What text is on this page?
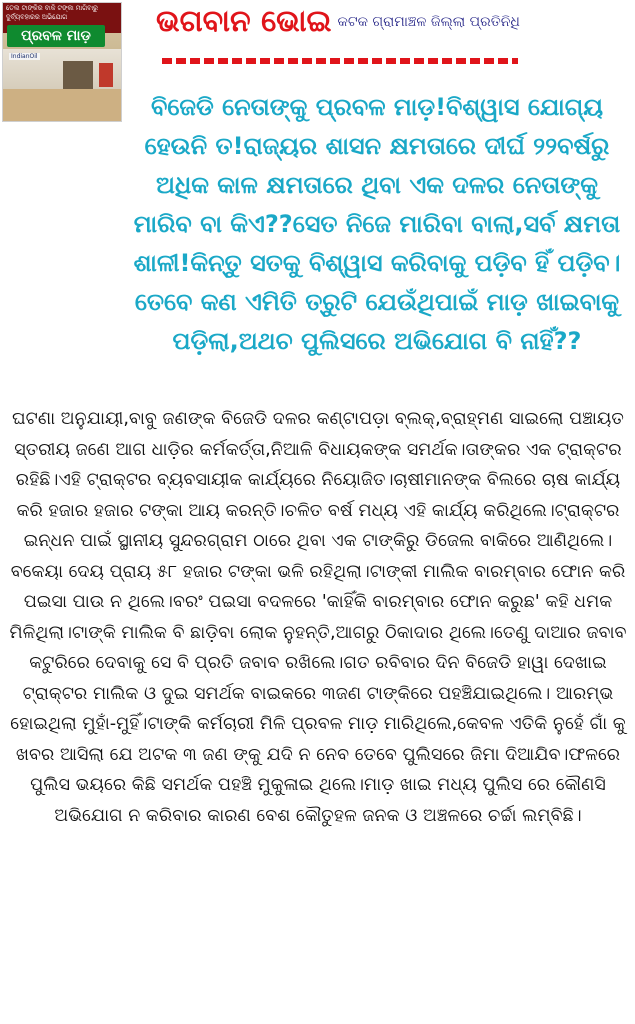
ତେଲ ଟାଙ୍କିର ବାକି ଟଙ୍କା ମାଗିବାରୁ ଦୁର୍ବ୍ୟବହାରର ଅଭିଯୋଗ
ପ୍ରବଳ ମାଡ଼
IndianOil
ଭଗବାନ ଭୋଇ କଟକ ଗ୍ରାମାଞ୍ଚଳ ଜିଲ୍ଲା ପ୍ରତିନିଧି
ବିଜେଡି ନେତାଙ୍କୁ ପ୍ରବଳ ମାଡ଼!ବିଶ୍ୱାସ ଯୋଗ୍ୟ ହେଉନି ତ!ରାଜ୍ୟର ଶାସନ କ୍ଷମତାରେ ଦୀର୍ଘ ୨୨ବର୍ଷରୁ ଅଧିକ କାଳ କ୍ଷମତାରେ ଥିବା ଏକ ଦଳର ନେତାଙ୍କୁ ମାରିବ ବା କିଏ??ସେତ ନିଜେ ମାରିବା ବାଲା,ସର୍ବ କ୍ଷମତା ଶାଳୀ!କିନ୍ତୁ ସତକୁ ବିଶ୍ୱାସ କରିବାକୁ ପଡ଼ିବ ହିଁ ପଡ଼ିବ।ତେବେ କଣ ଏମିତି ତ୍ରୁଟି ଯେଉଁଥିପାଇଁ ମାଡ଼ ଖାଇବାକୁ ପଡ଼ିଲା,ଅଥଚ ପୁଲିସରେ ଅଭିଯୋଗ ବି ନାହିଁ??
ଘଟଣା ଅନୁଯାୟୀ,ବାବୁ ଜଣଙ୍କ ବିଜେଡି ଦଳର କଣ୍ଟାପଡ଼ା ବ୍ଲକ୍,ବ୍ରାହ୍ମଣ ସାଇଲୋ ପଞ୍ଚାୟତ ସ୍ତରୀୟ ଜଣେ ଆଗ ଧାଡ଼ିର କର୍ମକର୍ତ୍ତା,ନିଆଳି ବିଧାୟକଙ୍କ ସମର୍ଥକ।ତାଙ୍କର ଏକ ଟ୍ରାକ୍ଟର ରହିଛି।ଏହି ଟ୍ରାକ୍ଟର ବ୍ୟବସାୟୀକ କାର୍ଯ୍ୟରେ ନିୟୋଜିତ।ଚାଷୀମାନଙ୍କ ବିଲରେ ଚାଷ କାର୍ଯ୍ୟ କରି ହଜାର ହଜାର ଟଙ୍କା ଆୟ କରନ୍ତି।ଚଳିତ ବର୍ଷ ମଧ୍ୟ ଏହି କାର୍ଯ୍ୟ କରିଥିଲେ।ଟ୍ରାକ୍ଟର ଇନ୍ଧନ ପାଇଁ ସ୍ଥାନୀୟ ସୁନ୍ଦରଗ୍ରାମ ଠାରେ ଥିବା ଏକ ଟାଙ୍କିରୁ ଡିଜେଲ ବାକିରେ ଆଣିଥିଲେ।ବକେୟା ଦେୟ ପ୍ରାୟ ୫୮ ହଜାର ଟଙ୍କା ଭଳି ରହିଥିଲା।ଟାଙ୍କୀ ମାଲିକ ବାରମ୍ବାର ଫୋନ କରି ପଇସା ପାଉ ନ ଥିଲେ।ବରଂ ପଇସା ବଦଳରେ 'କାହିଁକି ବାରମ୍ବାର ଫୋନ କରୁଛ' କହି ଧମକ ମିଳିଥିଲା।ଟାଙ୍କି ମାଲିକ ବି ଛାଡ଼ିବା ଲୋକ ନୁହନ୍ତି,ଆଗରୁ ଠିକାଦାର ଥିଲେ।ତେଣୁ ଦାଆର ଜବାବ କଟୁରିରେ ଦେବାକୁ ସେ ବି ପ୍ରତି ଜବାବ ରଖିଲେ।ଗତ ରବିବାର ଦିନ ବିଜେଡି ହାୱା ଦେଖାଇ ଟ୍ରାକ୍ଟର ମାଲିକ ଓ ଦୁଇ ସମର୍ଥକ ବାଇକରେ ୩ଜଣ ଟାଙ୍କିରେ ପହଞ୍ଚିଯାଇଥିଲେ। ଆରମ୍ଭ ହୋଇଥିଲା ମୁହାଁ-ମୁହିଁ।ଟାଙ୍କି କର୍ମଚାରୀ ମିଳି ପ୍ରବଳ ମାଡ଼ ମାରିଥିଲେ,କେବଳ ଏତିକି ନୁହେଁ ଗାଁ କୁ ଖବର ଆସିଲା ଯେ ଅଟକ ୩ ଜଣ ଙ୍କୁ ଯଦି ନ ନେବ ତେବେ ପୁଲିସରେ ଜିମା ଦିଆଯିବ।ଫଳରେ ପୁଲିସ ଭୟରେ କିଛି ସମର୍ଥକ ପହଞ୍ଚି ମୁକୁଳାଇ ଥିଲେ।ମାଡ଼ ଖାଇ ମଧ୍ୟ ପୁଲିସ ରେ କୌଣସି ଅଭିଯୋଗ ନ କରିବାର କାରଣ ବେଶ କୌତୁହଳ ଜନକ ଓ ଅଞ୍ଚଳରେ ଚର୍ଚ୍ଚା ଲମ୍ବିଛି।
